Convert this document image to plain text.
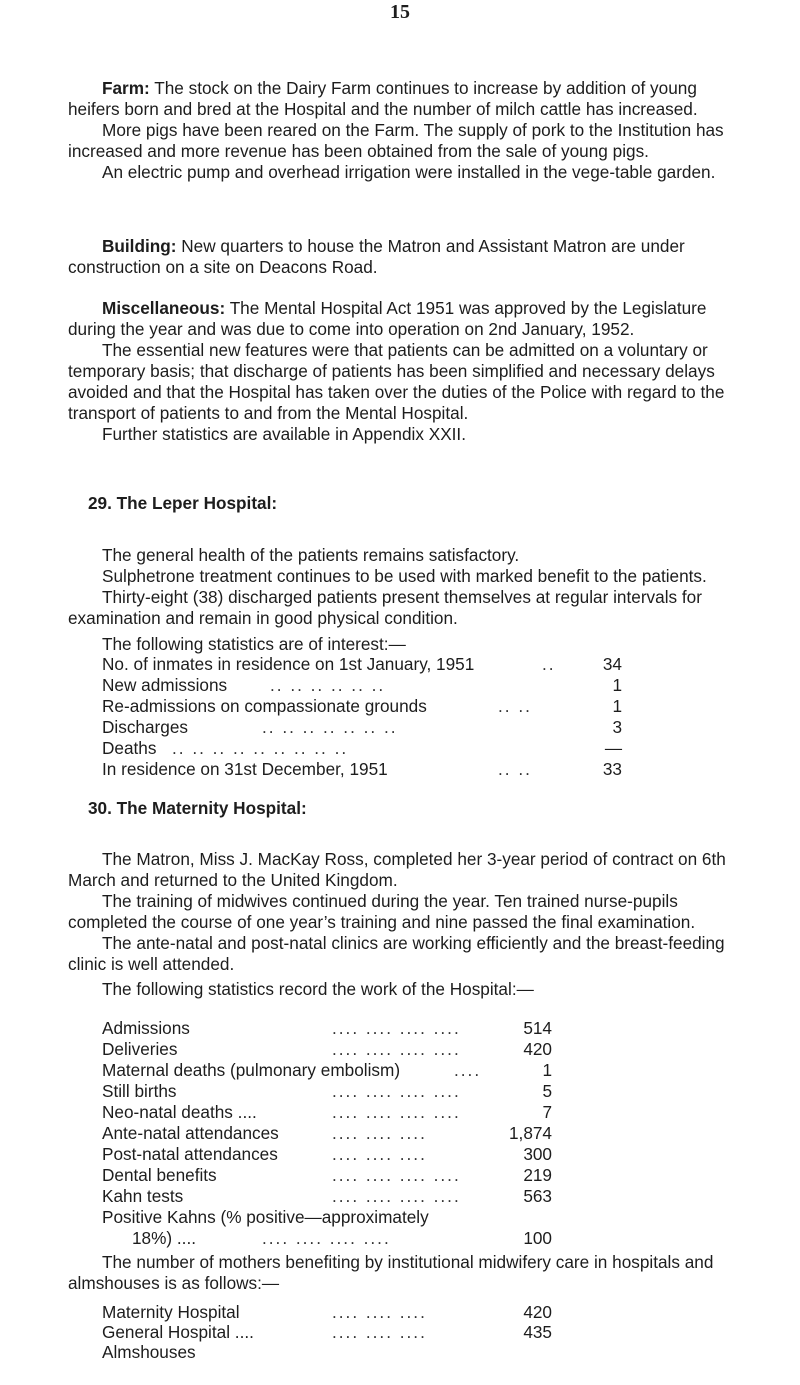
15

Farm: The stock on the Dairy Farm continues to increase by addition of young heifers born and bred at the Hospital and the number of milch cattle has increased.

More pigs have been reared on the Farm. The supply of pork to the Institution has increased and more revenue has been obtained from the sale of young pigs.

An electric pump and overhead irrigation were installed in the vege-table garden.

Building: New quarters to house the Matron and Assistant Matron are under construction on a site on Deacons Road.

Miscellaneous: The Mental Hospital Act 1951 was approved by the Legislature during the year and was due to come into operation on 2nd January, 1952.

The essential new features were that patients can be admitted on a voluntary or temporary basis; that discharge of patients has been simplified and necessary delays avoided and that the Hospital has taken over the duties of the Police with regard to the transport of patients to and from the Mental Hospital.

Further statistics are available in Appendix XXII.

29. The Leper Hospital:

The general health of the patients remains satisfactory.

Sulphetrone treatment continues to be used with marked benefit to the patients.

Thirty-eight (38) discharged patients present themselves at regular intervals for examination and remain in good physical condition.

The following statistics are of interest:—

No. of inmates in residence on 1st January, 1951	..	34
New admissions .. .. .. .. .. ..	1
Re-admissions on compassionate grounds	.. ..	1
Discharges	.. .. .. .. .. .. ..	3
Deaths .. .. .. .. .. .. .. .. ..	—
In residence on 31st December, 1951	.. ..	33

30. The Maternity Hospital:

The Matron, Miss J. MacKay Ross, completed her 3-year period of contract on 6th March and returned to the United Kingdom.

The training of midwives continued during the year. Ten trained nurse-pupils completed the course of one year’s training and nine passed the final examination.

The ante-natal and post-natal clinics are working efficiently and the breast-feeding clinic is well attended.

The following statistics record the work of the Hospital:—

Admissions	.... .... .... ....	514
Deliveries	.... .... .... ....	420
Maternal deaths (pulmonary embolism)	....	1
Still births	.... .... .... ....	5
Neo-natal deaths ....	.... .... .... ....	7
Ante-natal attendances	.... .... ....	1,874
Post-natal attendances	.... .... ....	300
Dental benefits	.... .... .... ....	219
Kahn tests	.... .... .... ....	563
Positive Kahns (% positive—approximately
18%) ....	.... .... .... ....	100

The number of mothers benefiting by institutional midwifery care in hospitals and almshouses is as follows:—

Maternity Hospital	.... .... ....	420
General Hospital ....	.... .... ....	435
Almshouses
